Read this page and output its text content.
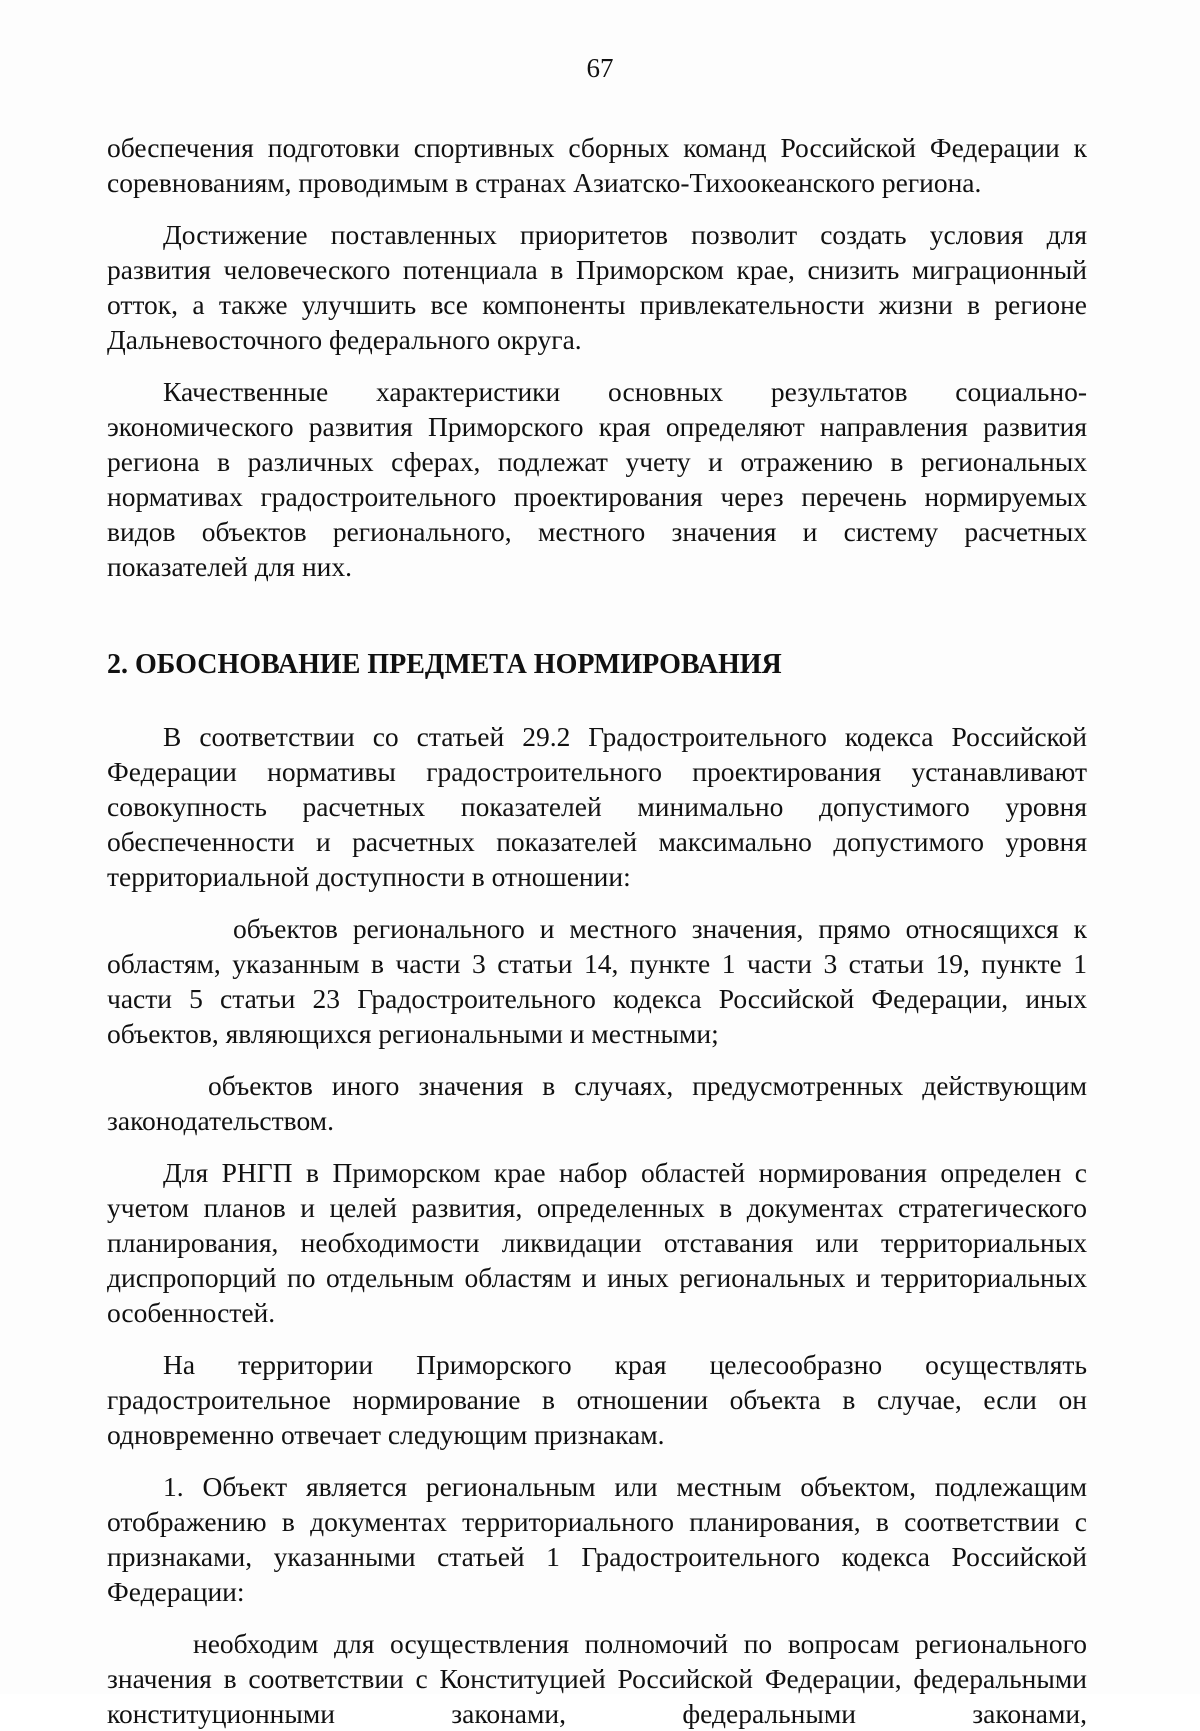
67

обеспечения подготовки спортивных сборных команд Российской Федерации к соревнованиям, проводимым в странах Азиатско-Тихоокеанского региона.

Достижение поставленных приоритетов позволит создать условия для развития человеческого потенциала в Приморском крае, снизить миграционный отток, а также улучшить все компоненты привлекательности жизни в регионе Дальневосточного федерального округа.

Качественные характеристики основных результатов социально-экономического развития Приморского края определяют направления развития региона в различных сферах, подлежат учету и отражению в региональных нормативах градостроительного проектирования через перечень нормируемых видов объектов регионального, местного значения и систему расчетных показателей для них.

2. ОБОСНОВАНИЕ ПРЕДМЕТА НОРМИРОВАНИЯ

В соответствии со статьей 29.2 Градостроительного кодекса Российской Федерации нормативы градостроительного проектирования устанавливают совокупность расчетных показателей минимально допустимого уровня обеспеченности и расчетных показателей максимально допустимого уровня территориальной доступности в отношении:

объектов регионального и местного значения, прямо относящихся к областям, указанным в части 3 статьи 14, пункте 1 части 3 статьи 19, пункте 1 части 5 статьи 23 Градостроительного кодекса Российской Федерации, иных объектов, являющихся региональными и местными;

объектов иного значения в случаях, предусмотренных действующим законодательством.

Для РНГП в Приморском крае набор областей нормирования определен с учетом планов и целей развития, определенных в документах стратегического планирования, необходимости ликвидации отставания или территориальных диспропорций по отдельным областям и иных региональных и территориальных особенностей.

На территории Приморского края целесообразно осуществлять градостроительное нормирование в отношении объекта в случае, если он одновременно отвечает следующим признакам.

1. Объект является региональным или местным объектом, подлежащим отображению в документах территориального планирования, в соответствии с признаками, указанными статьей 1 Градостроительного кодекса Российской Федерации:

необходим для осуществления полномочий по вопросам регионального значения в соответствии с Конституцией Российской Федерации, федеральными конституционными законами, федеральными законами,
